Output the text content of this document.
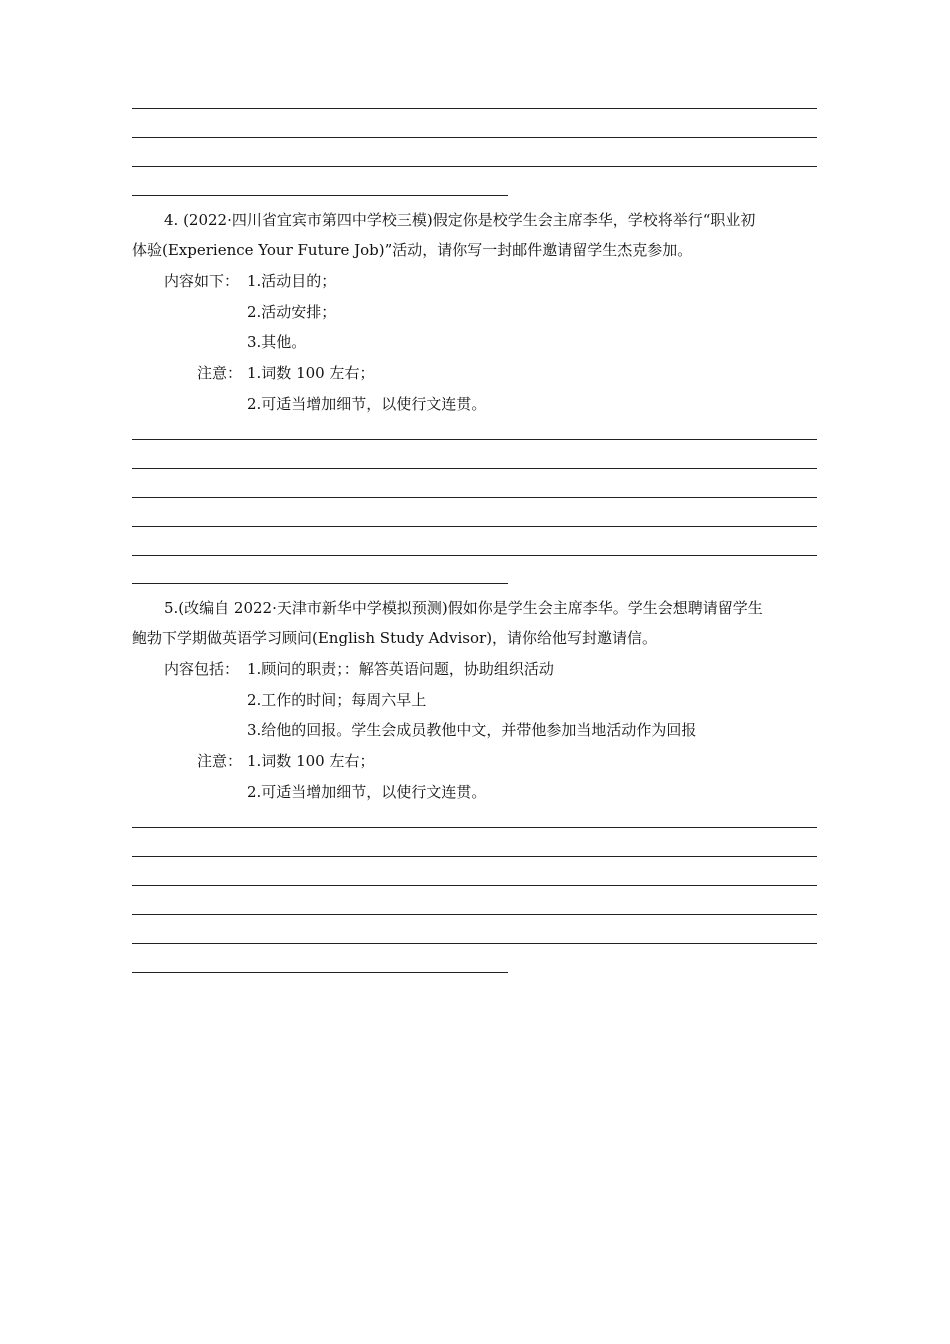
4. (2022·四川省宜宾市第四中学校三模)假定你是校学生会主席李华，学校将举行“职业初
体验(Experience Your Future Job)”活动，请你写一封邮件邀请留学生杰克参加。
内容如下： 1.活动目的；
2.活动安排；
3.其他。
注意： 1.词数 100 左右；
2.可适当增加细节，以使行文连贯。
5.(改编自 2022·天津市新华中学模拟预测)假如你是学生会主席李华。学生会想聘请留学生
鲍勃下学期做英语学习顾问(English Study Advisor)，请你给他写封邀请信。
内容包括： 1.顾问的职责；：解答英语问题，协助组织活动
2.工作的时间；每周六早上
3.给他的回报。学生会成员教他中文，并带他参加当地活动作为回报
注意： 1.词数 100 左右；
2.可适当增加细节，以使行文连贯。
